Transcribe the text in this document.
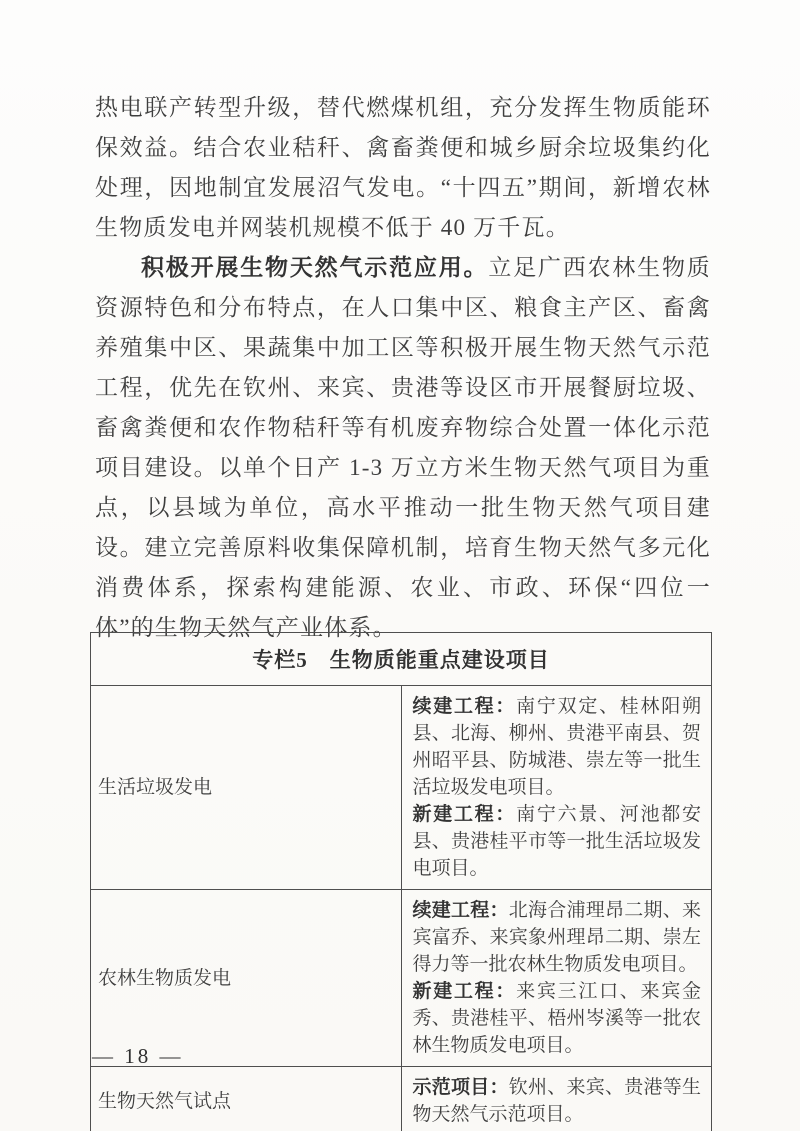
热电联产转型升级，替代燃煤机组，充分发挥生物质能环保效益。结合农业秸秆、禽畜粪便和城乡厨余垃圾集约化处理，因地制宜发展沼气发电。“十四五”期间，新增农林生物质发电并网装机规模不低于 40 万千瓦。

积极开展生物天然气示范应用。立足广西农林生物质资源特色和分布特点，在人口集中区、粮食主产区、畜禽养殖集中区、果蔬集中加工区等积极开展生物天然气示范工程，优先在钦州、来宾、贵港等设区市开展餐厨垃圾、畜禽粪便和农作物秸秆等有机废弃物综合处置一体化示范项目建设。以单个日产 1-3 万立方米生物天然气项目为重点，以县域为单位，高水平推动一批生物天然气项目建设。建立完善原料收集保障机制，培育生物天然气多元化消费体系，探索构建能源、农业、市政、环保“四位一体”的生物天然气产业体系。

专栏5　生物质能重点建设项目	
生活垃圾发电	续建工程：南宁双定、桂林阳朔县、北海、柳州、贵港平南县、贺州昭平县、防城港、崇左等一批生活垃圾发电项目。

新建工程：南宁六景、河池都安县、贵港桂平市等一批生活垃圾发电项目。

农林生物质发电	续建工程：北海合浦理昂二期、来宾富乔、来宾象州理昂二期、崇左得力等一批农林生物质发电项目。

新建工程：来宾三江口、来宾金秀、贵港桂平、梧州岑溪等一批农林生物质发电项目。

生物天然气试点	示范项目：钦州、来宾、贵港等生物天然气示范项目。

— 18 —
